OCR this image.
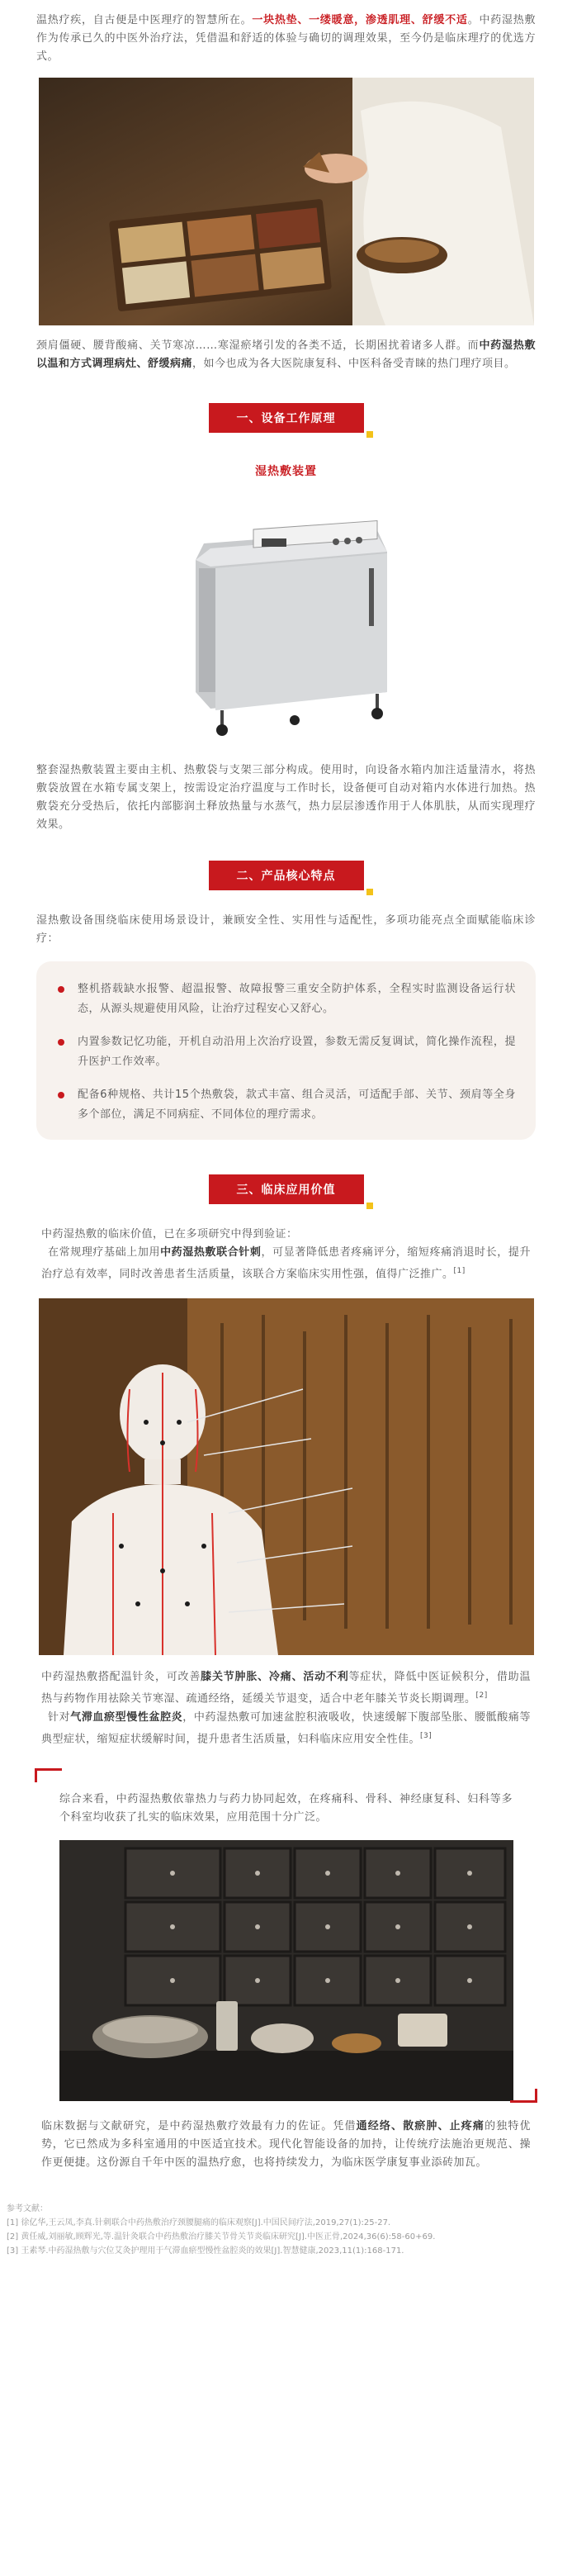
温热疗疾，自古便是中医理疗的智慧所在。一块热垫、一缕暖意，渗透肌理、舒缓不适。中药湿热敷作为传承已久的中医外治疗法，凭借温和舒适的体验与确切的调理效果，至今仍是临床理疗的优选方式。
颈肩僵硬、腰背酸痛、关节寒凉……寒湿瘀堵引发的各类不适，长期困扰着诸多人群。而中药湿热敷以温和方式调理病灶、舒缓病痛，如今也成为各大医院康复科、中医科备受青睐的热门理疗项目。
一、设备工作原理
湿热敷装置
整套湿热敷装置主要由主机、热敷袋与支架三部分构成。使用时，向设备水箱内加注适量清水，将热敷袋放置在水箱专属支架上，按需设定治疗温度与工作时长，设备便可自动对箱内水体进行加热。热敷袋充分受热后，依托内部膨润土释放热量与水蒸气，热力层层渗透作用于人体肌肤，从而实现理疗效果。
二、产品核心特点
湿热敷设备围绕临床使用场景设计，兼顾安全性、实用性与适配性，多项功能亮点全面赋能临床诊疗：
整机搭载缺水报警、超温报警、故障报警三重安全防护体系，全程实时监测设备运行状态，从源头规避使用风险，让治疗过程安心又舒心。
内置参数记忆功能，开机自动沿用上次治疗设置，参数无需反复调试，简化操作流程，提升医护工作效率。
配备6种规格、共计15个热敷袋，款式丰富、组合灵活，可适配手部、关节、颈肩等全身多个部位，满足不同病症、不同体位的理疗需求。
三、临床应用价值
中药湿热敷的临床价值，已在多项研究中得到验证：
在常规理疗基础上加用中药湿热敷联合针刺，可显著降低患者疼痛评分，缩短疼痛消退时长，提升治疗总有效率，同时改善患者生活质量，该联合方案临床实用性强，值得广泛推广。[1]
中药湿热敷搭配温针灸，可改善膝关节肿胀、冷痛、活动不利等症状，降低中医证候积分，借助温热与药物作用祛除关节寒湿、疏通经络，延缓关节退变，适合中老年膝关节炎长期调理。[2]
针对气滞血瘀型慢性盆腔炎，中药湿热敷可加速盆腔积液吸收，快速缓解下腹部坠胀、腰骶酸痛等典型症状，缩短症状缓解时间，提升患者生活质量，妇科临床应用安全性佳。[3]
综合来看，中药湿热敷依靠热力与药力协同起效，在疼痛科、骨科、神经康复科、妇科等多个科室均收获了扎实的临床效果，应用范围十分广泛。
临床数据与文献研究，是中药湿热敷疗效最有力的佐证。凭借通经络、散瘀肿、止疼痛的独特优势，它已然成为多科室通用的中医适宜技术。现代化智能设备的加持，让传统疗法施治更规范、操作更便捷。这份源自千年中医的温热疗愈，也将持续发力，为临床医学康复事业添砖加瓦。
参考文献：
[1] 徐亿华,王云凤,李真.针刺联合中药热敷治疗颈腰腿痛的临床观察[J].中国民间疗法,2019,27(1):25-27.
[2] 黄任威,刘丽敏,顾辉光,等.温针灸联合中药热敷治疗膝关节骨关节炎临床研究[J].中医正骨,2024,36(6):58-60+69.
[3] 王素琴.中药湿热敷与穴位艾灸护理用于气滞血瘀型慢性盆腔炎的效果[J].智慧健康,2023,11(1):168-171.
